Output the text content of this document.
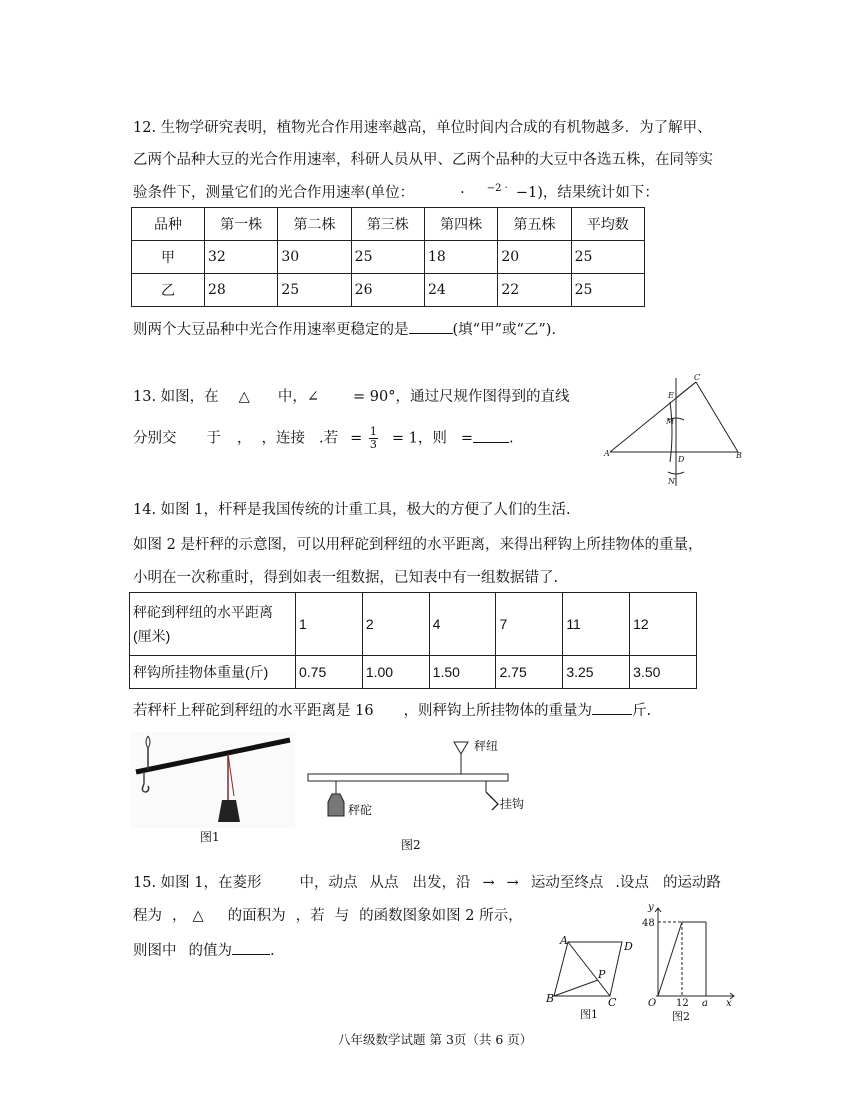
12. 生物学研究表明，植物光合作用速率越高，单位时间内合成的有机物越多．为了解甲、
乙两个品种大豆的光合作用速率，科研人员从甲、乙两个品种的大豆中各选五株，在同等实
验条件下，测量它们的光合作用速率(单位：	· $^{-2 \cdot}$ −1)，结果统计如下：
品种	第一株	第二株	第三株	第四株	第五株	平均数
甲	32	30	25	18	20	25
乙	28	25	26	24	22	25
则两个大豆品种中光合作用速率更稳定的是	(填“甲”或“乙”)．
13. 如图，在 △ 中，∠ = 90°，通过尺规作图得到的直线
分别交 于 ， ，连接 .若 = $\frac{1}{3} = 1$，则 = .
C
E
M
A
D	B
N
14. 如图 1，杆秤是我国传统的计重工具，极大的方便了人们的生活.
如图 2 是杆秤的示意图，可以用秤砣到秤纽的水平距离，来得出秤钩上所挂物体的重量，
小明在一次称重时，得到如表一组数据，已知表中有一组数据错了.
秤砣到秤纽的水平距离
(厘米)	1	2	4	7	11	12
秤钩所挂物体重量(斤)	0.75	1.00	1.50	2.75	3.25	3.50
若秤杆上秤砣到秤纽的水平距离是 16 ，则秤钩上所挂物体的重量为	斤.
图1
秤纽
秤砣	挂钩
图2
15. 如图 1，在菱形	中，动点 从点 出发，沿 → → 运动至终点 .设点 的运动路
程为 ， △ 的面积为 ，若 与 的函数图象如图 2 所示，
则图中 的值为	.
A	D
P
B	C
图1
y
48
O 12 a x
图2
八年级数学试题 第 3页（共 6 页）
